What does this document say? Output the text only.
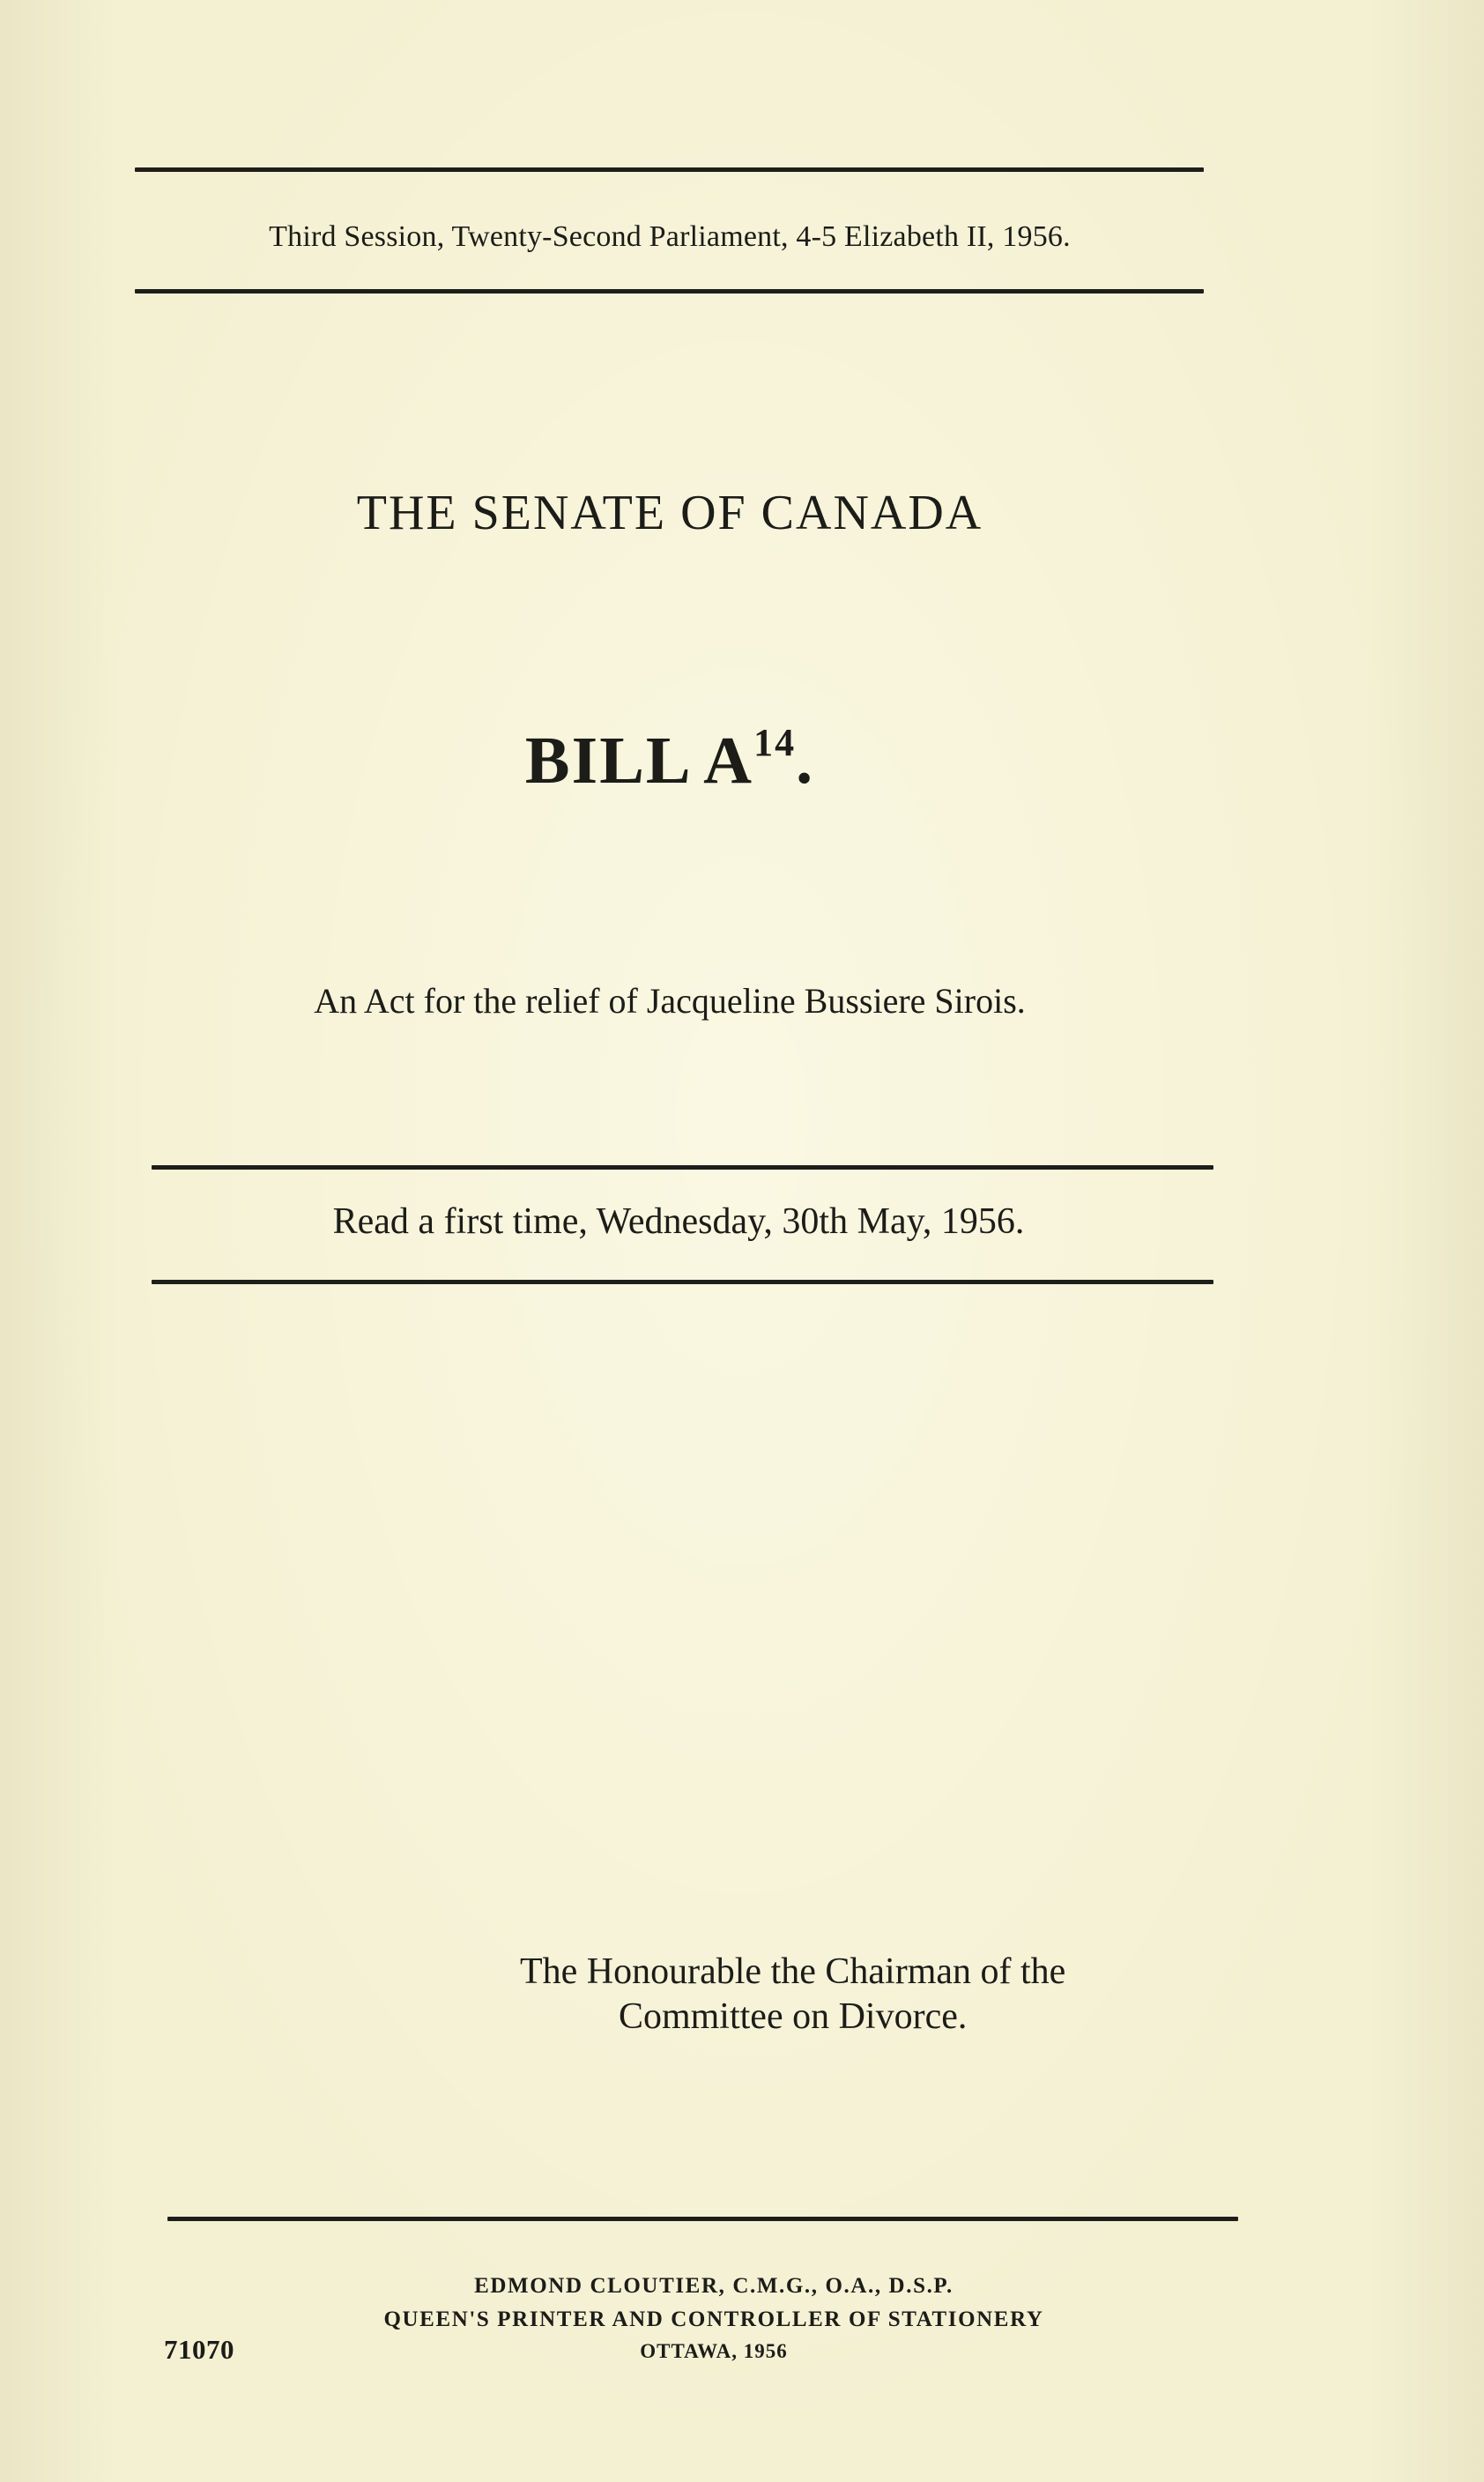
Third Session, Twenty-Second Parliament, 4-5 Elizabeth II, 1956.
THE SENATE OF CANADA
BILL $A^{14}$.
An Act for the relief of Jacqueline Bussiere Sirois.
Read a first time, Wednesday, 30th May, 1956.
The Honourable the Chairman of the
Committee on Divorce.
EDMOND CLOUTIER, C.M.G., O.A., D.S.P.
QUEEN'S PRINTER AND CONTROLLER OF STATIONERY
OTTAWA, 1956
71070
